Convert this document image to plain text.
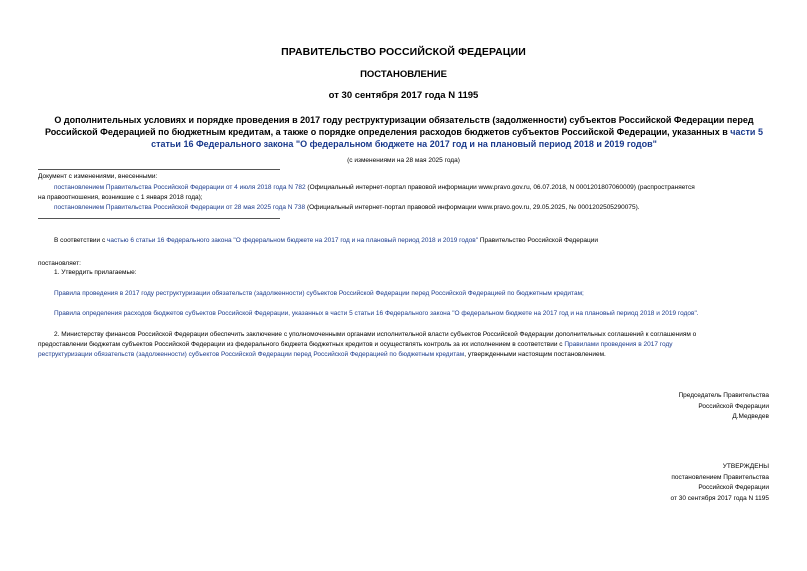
ПРАВИТЕЛЬСТВО РОССИЙСКОЙ ФЕДЕРАЦИИ
ПОСТАНОВЛЕНИЕ
от 30 сентября 2017 года N 1195
О дополнительных условиях и порядке проведения в 2017 году реструктуризации обязательств (задолженности) субъектов Российской Федерации перед Российской Федерацией по бюджетным кредитам, а также о порядке определения расходов бюджетов субъектов Российской Федерации, указанных в части 5 статьи 16 Федерального закона "О федеральном бюджете на 2017 год и на плановый период 2018 и 2019 годов"
(с изменениями на 28 мая 2025 года)
Документ с изменениями, внесенными:
постановлением Правительства Российской Федерации от 4 июля 2018 года N 782 (Официальный интернет-портал правовой информации www.pravo.gov.ru, 06.07.2018, N 0001201807060009) (распространяется
на правоотношения, возникшие с 1 января 2018 года);
постановлением Правительства Российской Федерации от 28 мая 2025 года N 738 (Официальный интернет-портал правовой информации www.pravo.gov.ru, 29.05.2025, № 0001202505290075).
В соответствии с частью 6 статьи 16 Федерального закона "О федеральном бюджете на 2017 год и на плановый период 2018 и 2019 годов" Правительство Российской Федерации
постановляет:
1. Утвердить прилагаемые:
Правила проведения в 2017 году реструктуризации обязательств (задолженности) субъектов Российской Федерации перед Российской Федерацией по бюджетным кредитам;
Правила определения расходов бюджетов субъектов Российской Федерации, указанных в части 5 статьи 16 Федерального закона "О федеральном бюджете на 2017 год и на плановый период 2018 и 2019 годов".
2. Министерству финансов Российской Федерации обеспечить заключение с уполномоченными органами исполнительной власти субъектов Российской Федерации дополнительных соглашений к соглашениям о
предоставлении бюджетам субъектов Российской Федерации из федерального бюджета бюджетных кредитов и осуществлять контроль за их исполнением в соответствии с Правилами проведения в 2017 году
реструктуризации обязательств (задолженности) субъектов Российской Федерации перед Российской Федерацией по бюджетным кредитам, утвержденными настоящим постановлением.
Председатель Правительства
Российской Федерации
Д.Медведев
УТВЕРЖДЕНЫ
постановлением Правительства
Российской Федерации
от 30 сентября 2017 года N 1195
